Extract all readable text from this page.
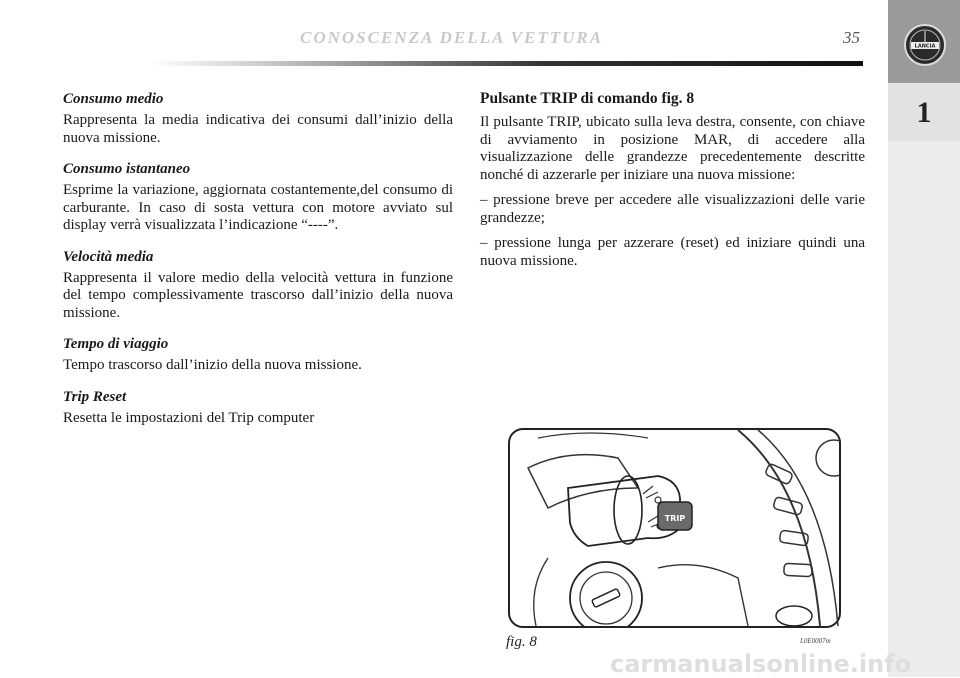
CONOSCENZA DELLA VETTURA	35	LANCIA
1

Consumo medio

Rappresenta la media indicativa dei consumi dall’inizio della nuova missione.

Consumo istantaneo

Esprime la variazione, aggiornata costantemente,del consumo di carburante. In caso di sosta vettura con motore avviato sul display verrà visualizzata l’indicazione “----”.

Velocità media

Rappresenta il valore medio della velocità vettura in funzione del tempo complessivamente trascorso dall’inizio della nuova missione.

Tempo di viaggio

Tempo trascorso dall’inizio della nuova missione.

Trip Reset

Resetta le impostazioni del Trip computer

Pulsante TRIP di comando fig. 8

Il pulsante TRIP, ubicato sulla leva destra, consente, con chiave di avviamento in posizione MAR, di accedere alla visualizzazione delle grandezze precedentemente descritte nonché di azzerarle per iniziare una nuova missione:

– pressione breve per accedere alle visualizzazioni delle varie grandezze;

– pressione lunga per azzerare (reset) ed iniziare quindi una nuova missione.

TRIP
fig. 8	L0E0007m
carmanualsonline.info
